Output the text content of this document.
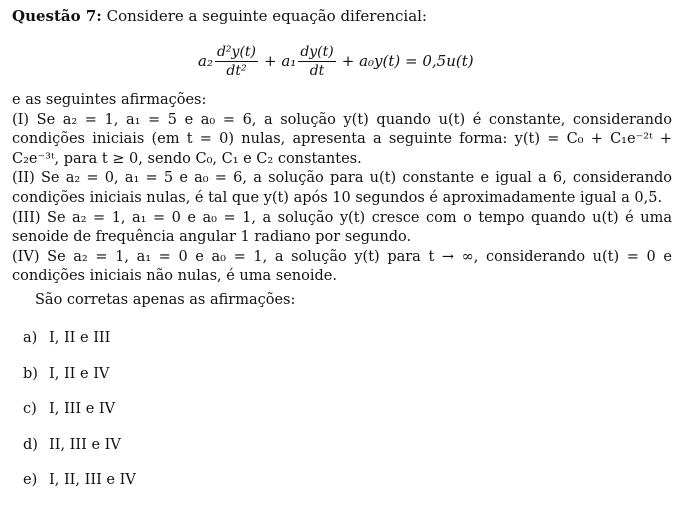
Questão 7: Considere a seguinte equação diferencial:
$a_2 \frac{\text{d²y(t)}}{\text{dt²}} + a_1 \frac{dy(t)}{dt} + a_0y(t) = 0,5u(t)$

e as seguintes afirmações:

(I) Se a₂ = 1, a₁ = 5 e a₀ = 6, a solução y(t) quando u(t) é constante, considerando condições iniciais (em t = 0) nulas, apresenta a seguinte forma: y(t) = C₀ + C₁e⁻²ᵗ + C₂e⁻³ᵗ, para t ≥ 0, sendo C₀, C₁ e C₂ constantes.

(II) Se a₂ = 0, a₁ = 5 e a₀ = 6, a solução para u(t) constante e igual a 6, considerando condições iniciais nulas, é tal que y(t) após 10 segundos é aproximadamente igual a 0,5.

(III) Se a₂ = 1, a₁ = 0 e a₀ = 1, a solução y(t) cresce com o tempo quando u(t) é uma senoide de frequência angular 1 radiano por segundo.

(IV) Se a₂ = 1, a₁ = 0 e a₀ = 1, a solução y(t) para t → ∞, considerando u(t) = 0 e condições iniciais não nulas, é uma senoide.

São corretas apenas as afirmações:
a) I, II e III
b) I, II e IV
c) I, III e IV
d) II, III e IV
e) I, II, III e IV
